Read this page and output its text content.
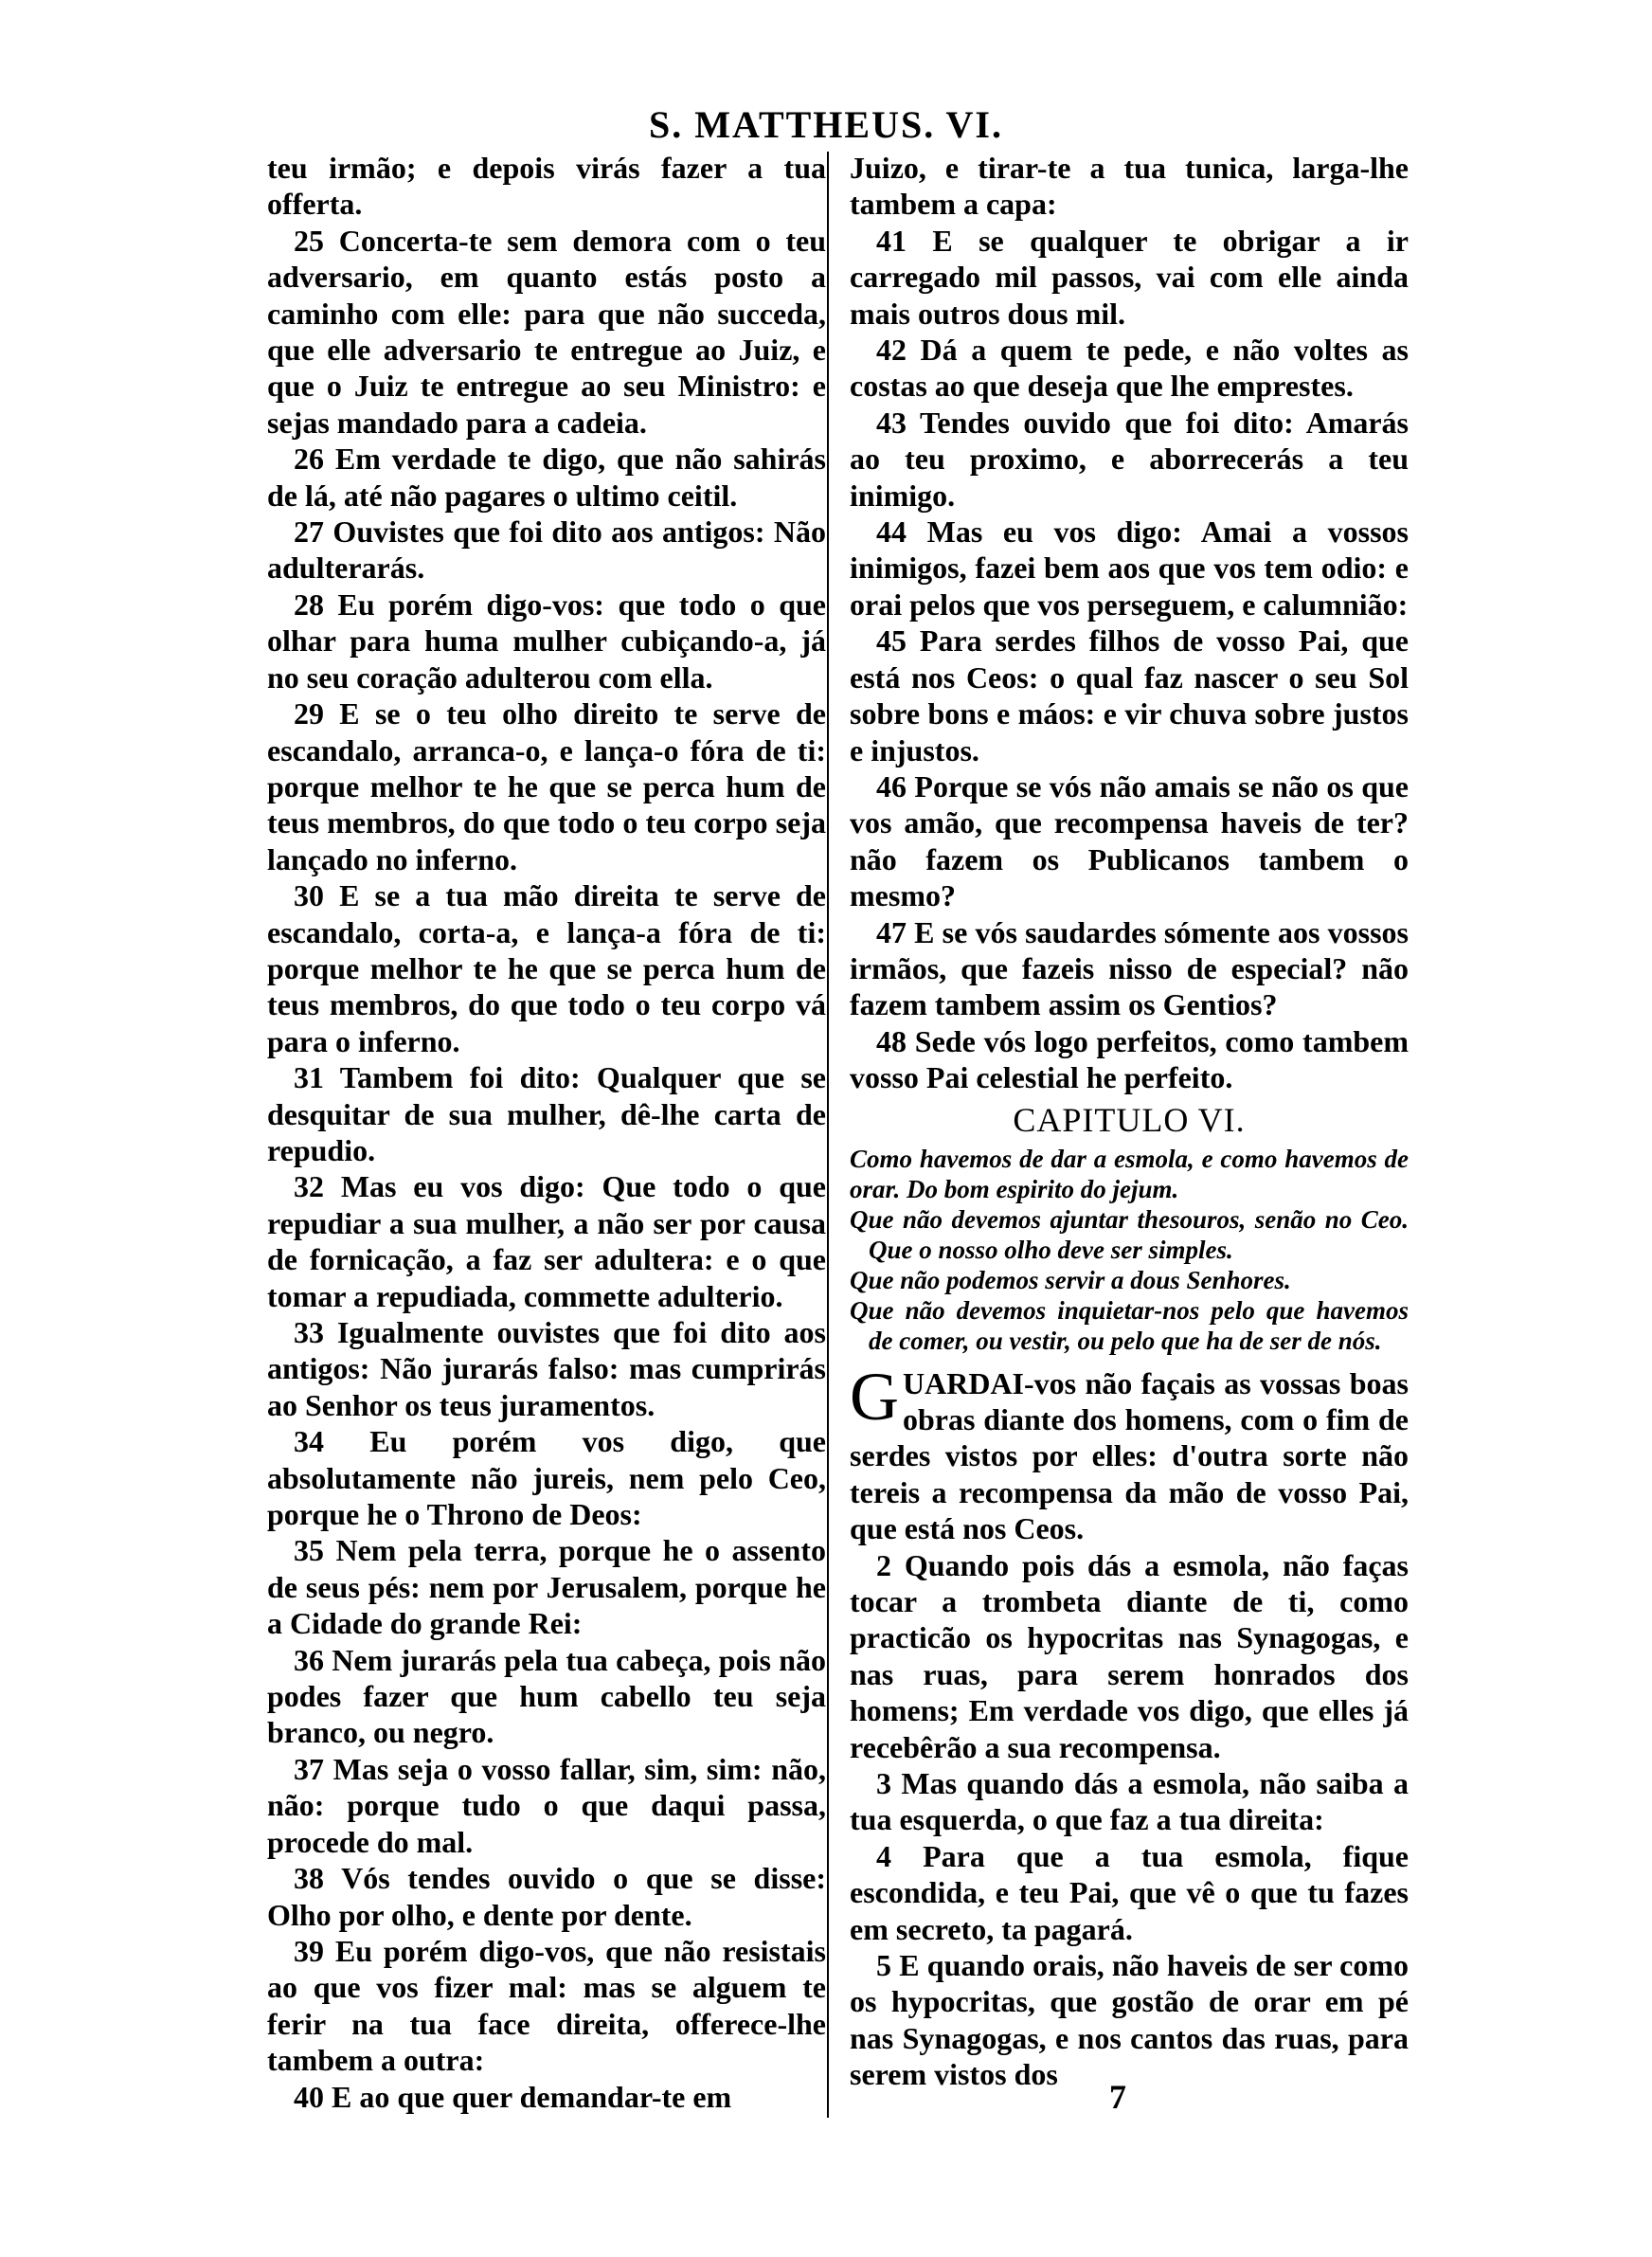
S. MATTHEUS. VI.

teu irmão; e depois virás fazer a tua offerta.

25 Concerta-te sem demora com o teu adversario, em quanto estás posto a caminho com elle: para que não succeda, que elle adversario te entregue ao Juiz, e que o Juiz te entregue ao seu Ministro: e sejas mandado para a cadeia.

26 Em verdade te digo, que não sahirás de lá, até não pagares o ultimo ceitil.

27 Ouvistes que foi dito aos antigos: Não adulterarás.

28 Eu porém digo-vos: que todo o que olhar para huma mulher cubiçando-a, já no seu coração adulterou com ella.

29 E se o teu olho direito te serve de escandalo, arranca-o, e lança-o fóra de ti: porque melhor te he que se perca hum de teus membros, do que todo o teu corpo seja lançado no inferno.

30 E se a tua mão direita te serve de escandalo, corta-a, e lança-a fóra de ti: porque melhor te he que se perca hum de teus membros, do que todo o teu corpo vá para o inferno.

31 Tambem foi dito: Qualquer que se desquitar de sua mulher, dê-lhe carta de repudio.

32 Mas eu vos digo: Que todo o que repudiar a sua mulher, a não ser por causa de fornicação, a faz ser adultera: e o que tomar a repudiada, commette adulterio.

33 Igualmente ouvistes que foi dito aos antigos: Não jurarás falso: mas cumprirás ao Senhor os teus juramentos.

34 Eu porém vos digo, que absolutamente não jureis, nem pelo Ceo, porque he o Throno de Deos:

35 Nem pela terra, porque he o assento de seus pés: nem por Jerusalem, porque he a Cidade do grande Rei:

36 Nem jurarás pela tua cabeça, pois não podes fazer que hum cabello teu seja branco, ou negro.

37 Mas seja o vosso fallar, sim, sim: não, não: porque tudo o que daqui passa, procede do mal.

38 Vós tendes ouvido o que se disse: Olho por olho, e dente por dente.

39 Eu porém digo-vos, que não resistais ao que vos fizer mal: mas se alguem te ferir na tua face direita, offerece-lhe tambem a outra:

40 E ao que quer demandar-te em

Juizo, e tirar-te a tua tunica, larga-lhe tambem a capa:

41 E se qualquer te obrigar a ir carregado mil passos, vai com elle ainda mais outros dous mil.

42 Dá a quem te pede, e não voltes as costas ao que deseja que lhe emprestes.

43 Tendes ouvido que foi dito: Amarás ao teu proximo, e aborrecerás a teu inimigo.

44 Mas eu vos digo: Amai a vossos inimigos, fazei bem aos que vos tem odio: e orai pelos que vos perseguem, e calumnião:

45 Para serdes filhos de vosso Pai, que está nos Ceos: o qual faz nascer o seu Sol sobre bons e máos: e vir chuva sobre justos e injustos.

46 Porque se vós não amais se não os que vos amão, que recompensa haveis de ter? não fazem os Publicanos tambem o mesmo?

47 E se vós saudardes sómente aos vossos irmãos, que fazeis nisso de especial? não fazem tambem assim os Gentios?

48 Sede vós logo perfeitos, como tambem vosso Pai celestial he perfeito.

CAPITULO VI.
Como havemos de dar a esmola, e como havemos de orar. Do bom espirito do jejum.
Que não devemos ajuntar thesouros, senão no Ceo. Que o nosso olho deve ser simples.
Que não podemos servir a dous Senhores.
Que não devemos inquietar-nos pelo que havemos de comer, ou vestir, ou pelo que ha de ser de nós.

GUARDAI-vos não façais as vossas boas obras diante dos homens, com o fim de serdes vistos por elles: d'outra sorte não tereis a recompensa da mão de vosso Pai, que está nos Ceos.

2 Quando pois dás a esmola, não faças tocar a trombeta diante de ti, como practicão os hypocritas nas Synagogas, e nas ruas, para serem honrados dos homens; Em verdade vos digo, que elles já recebêrão a sua recompensa.

3 Mas quando dás a esmola, não saiba a tua esquerda, o que faz a tua direita:

4 Para que a tua esmola, fique escondida, e teu Pai, que vê o que tu fazes em secreto, ta pagará.

5 E quando orais, não haveis de ser como os hypocritas, que gostão de orar em pé nas Synagogas, e nos cantos das ruas, para serem vistos dos

7
